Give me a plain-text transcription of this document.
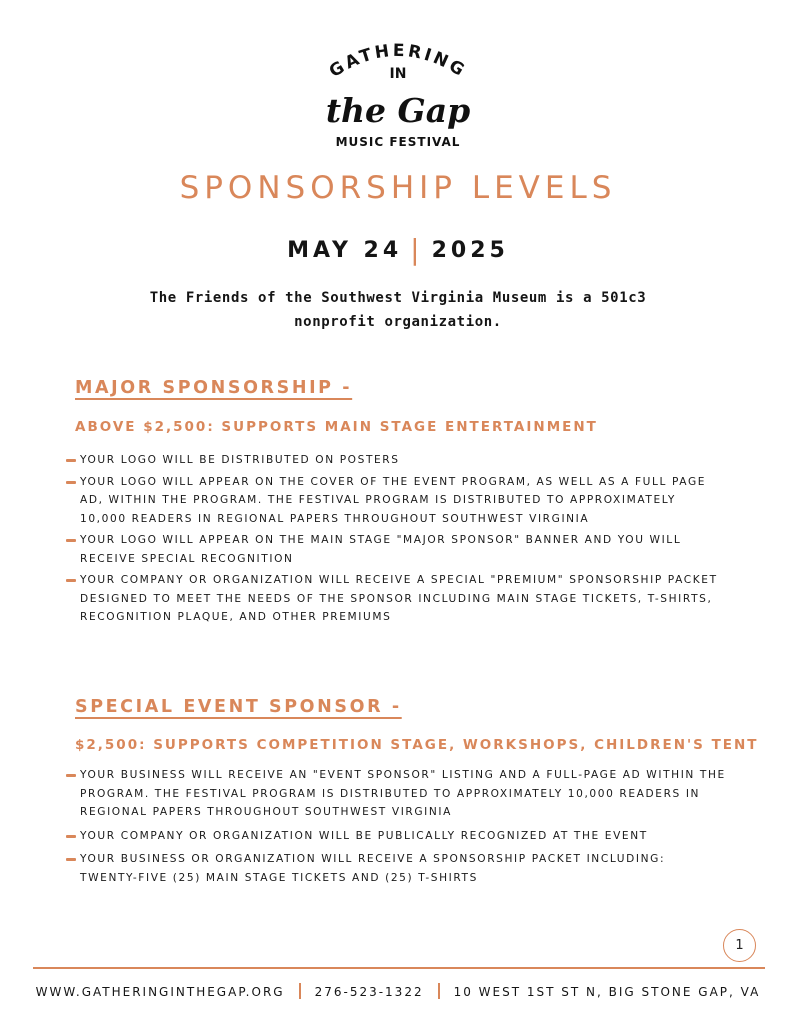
GATHERING
IN
the Gap
MUSIC FESTIVAL
SPONSORSHIP LEVELS
MAY 24 | 2025

The Friends of the Southwest Virginia Museum is a 501c3 nonprofit organization.

MAJOR SPONSORSHIP -
ABOVE $2,500: SUPPORTS MAIN STAGE ENTERTAINMENT
YOUR LOGO WILL BE DISTRIBUTED ON POSTERS
YOUR LOGO WILL APPEAR ON THE COVER OF THE EVENT PROGRAM, AS WELL AS A FULL PAGE AD, WITHIN THE PROGRAM. THE FESTIVAL PROGRAM IS DISTRIBUTED TO APPROXIMATELY 10,000 READERS IN REGIONAL PAPERS THROUGHOUT SOUTHWEST VIRGINIA
YOUR LOGO WILL APPEAR ON THE MAIN STAGE "MAJOR SPONSOR" BANNER AND YOU WILL RECEIVE SPECIAL RECOGNITION
YOUR COMPANY OR ORGANIZATION WILL RECEIVE A SPECIAL "PREMIUM" SPONSORSHIP PACKET DESIGNED TO MEET THE NEEDS OF THE SPONSOR INCLUDING MAIN STAGE TICKETS, T-SHIRTS, RECOGNITION PLAQUE, AND OTHER PREMIUMS
SPECIAL EVENT SPONSOR -
$2,500: SUPPORTS COMPETITION STAGE, WORKSHOPS, CHILDREN'S TENT
YOUR BUSINESS WILL RECEIVE AN "EVENT SPONSOR" LISTING AND A FULL-PAGE AD WITHIN THE PROGRAM. THE FESTIVAL PROGRAM IS DISTRIBUTED TO APPROXIMATELY 10,000 READERS IN REGIONAL PAPERS THROUGHOUT SOUTHWEST VIRGINIA
YOUR COMPANY OR ORGANIZATION WILL BE PUBLICALLY RECOGNIZED AT THE EVENT
YOUR BUSINESS OR ORGANIZATION WILL RECEIVE A SPONSORSHIP PACKET INCLUDING: TWENTY-FIVE (25) MAIN STAGE TICKETS AND (25) T-SHIRTS
1
WWW.GATHERINGINTHEGAP.ORG	276-523-1322	10 WEST 1ST ST N, BIG STONE GAP, VA
